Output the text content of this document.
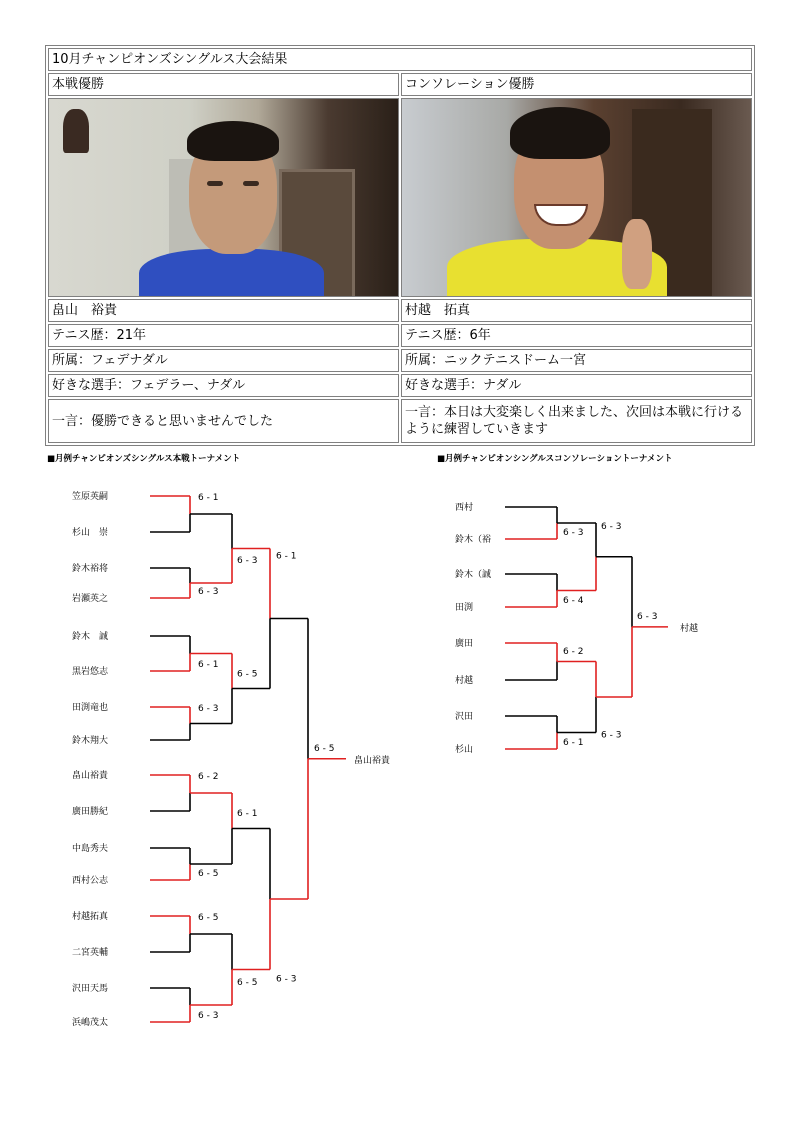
10月チャンピオンズシングルス大会結果	
本戦優勝	コンソレーション優勝

畠山　裕貴	村越　拓真
テニス歴：21年	テニス歴：6年
所属：フェデナダル	所属：ニックテニスドーム一宮
好きな選手：フェデラー、ナダル	好きな選手：ナダル
一言：優勝できると思いませんでした	一言：本日は大変楽しく出来ました、次回は本戦に行けるように練習していきます
■月例チャンピオンズシングルス本戦トーナメント	■月例チャンピオンシングルスコンソレーショントーナメント
笠原英嗣
杉山　崇
鈴木裕将
岩瀬英之
鈴木　誠
黒岩悠志
田渕竜也
鈴木翔大
畠山裕貴
廣田勝紀
中島秀夫
西村公志
村越拓真
二宮英輔
沢田天馬
浜嶋茂太
6 - 1
6 - 3
6 - 1
6 - 3
6 - 2
6 - 5
6 - 5
6 - 3
6 - 3
6 - 5
6 - 1
6 - 5
6 - 1
6 - 3
6 - 5
畠山裕貴
西村
鈴木（裕
鈴木（誠
田渕
廣田
村越
沢田
杉山
6 - 3
6 - 4
6 - 2
6 - 1
6 - 3
6 - 3
6 - 3
村越
